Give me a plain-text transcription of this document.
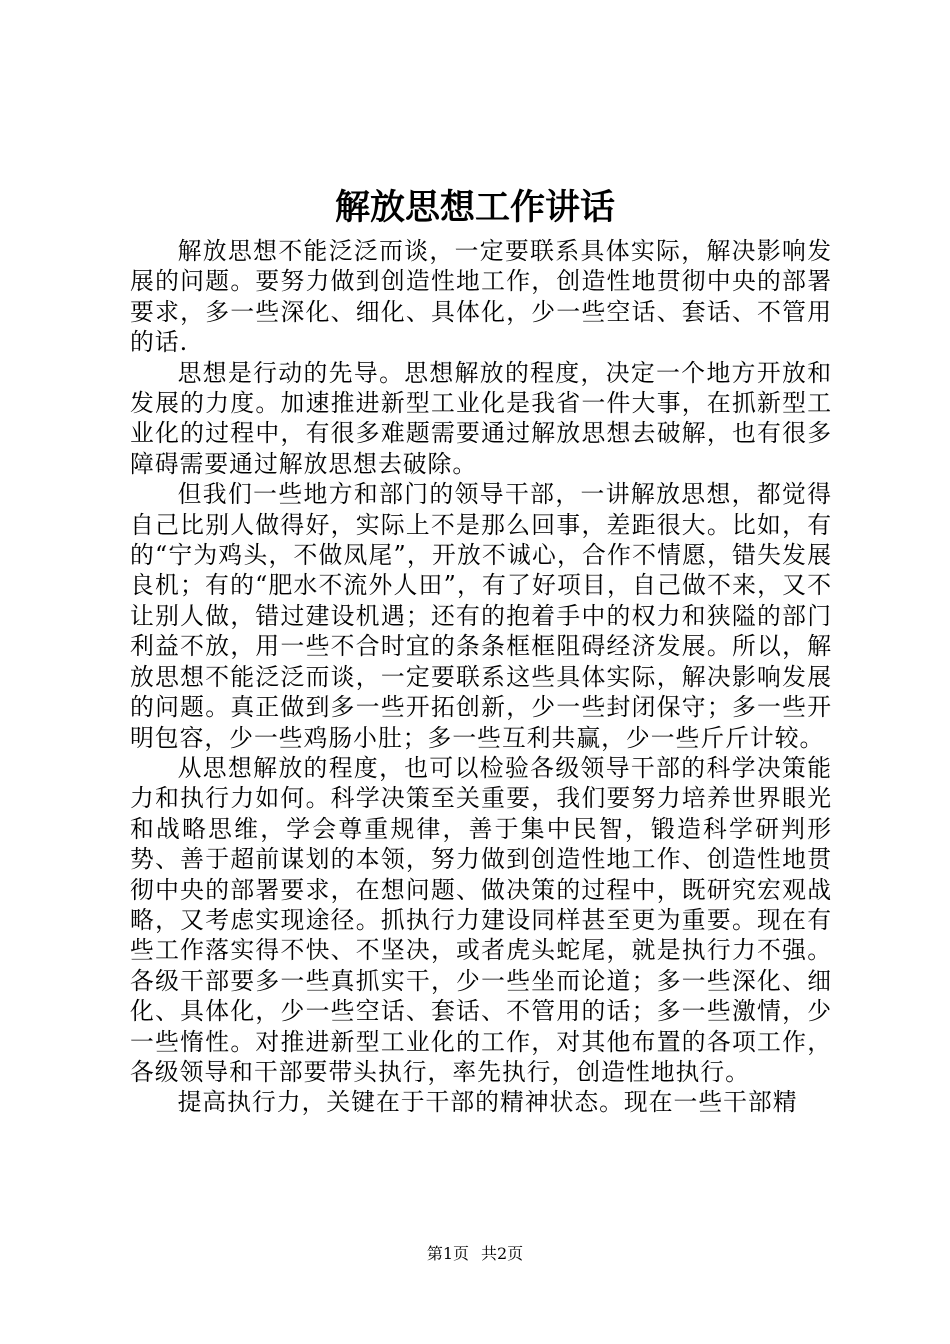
解放思想工作讲话

解放思想不能泛泛而谈，一定要联系具体实际，解决影响发展的问题。要努力做到创造性地工作，创造性地贯彻中央的部署要求，多一些深化、细化、具体化，少一些空话、套话、不管用的话.

思想是行动的先导。思想解放的程度，决定一个地方开放和发展的力度。加速推进新型工业化是我省一件大事，在抓新型工业化的过程中，有很多难题需要通过解放思想去破解，也有很多障碍需要通过解放思想去破除。

但我们一些地方和部门的领导干部，一讲解放思想，都觉得自己比别人做得好，实际上不是那么回事，差距很大。比如，有的“宁为鸡头，不做凤尾”，开放不诚心，合作不情愿，错失发展良机；有的“肥水不流外人田”，有了好项目，自己做不来，又不让别人做，错过建设机遇；还有的抱着手中的权力和狭隘的部门利益不放，用一些不合时宜的条条框框阻碍经济发展。所以，解放思想不能泛泛而谈，一定要联系这些具体实际，解决影响发展的问题。真正做到多一些开拓创新，少一些封闭保守；多一些开明包容，少一些鸡肠小肚；多一些互利共赢，少一些斤斤计较。

从思想解放的程度，也可以检验各级领导干部的科学决策能力和执行力如何。科学决策至关重要，我们要努力培养世界眼光和战略思维，学会尊重规律，善于集中民智，锻造科学研判形势、善于超前谋划的本领，努力做到创造性地工作、创造性地贯彻中央的部署要求，在想问题、做决策的过程中，既研究宏观战略，又考虑实现途径。抓执行力建设同样甚至更为重要。现在有些工作落实得不快、不坚决，或者虎头蛇尾，就是执行力不强。各级干部要多一些真抓实干，少一些坐而论道；多一些深化、细化、具体化，少一些空话、套话、不管用的话；多一些激情，少一些惰性。对推进新型工业化的工作，对其他布置的各项工作，各级领导和干部要带头执行，率先执行，创造性地执行。

提高执行力，关键在于干部的精神状态。现在一些干部精

第1页 共2页
